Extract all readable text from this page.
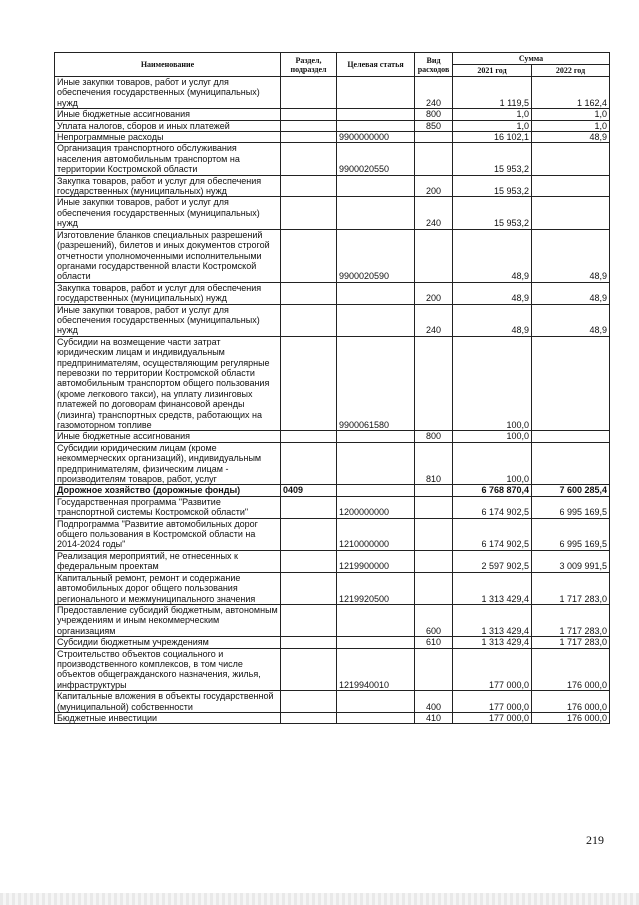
Наименование	Раздел, подраздел	Целевая статья	Вид расходов	Сумма	
				2021 год	2022 год
Иные закупки товаров, работ и услуг для обеспечения государственных (муниципальных) нужд			240	1 119,5	1 162,4
Иные бюджетные ассигнования			800	1,0	1,0
Уплата налогов, сборов и иных платежей			850	1,0	1,0
Непрограммные расходы		9900000000		16 102,1	48,9
Организация транспортного обслуживания населения автомобильным транспортом на территории Костромской области		9900020550		15 953,2	
Закупка товаров, работ и услуг для обеспечения государственных (муниципальных) нужд			200	15 953,2	
Иные закупки товаров, работ и услуг для обеспечения государственных (муниципальных) нужд			240	15 953,2	
Изготовление бланков специальных разрешений (разрешений), билетов и иных документов строгой отчетности уполномоченными исполнительными органами государственной власти Костромской области		9900020590		48,9	48,9
Закупка товаров, работ и услуг для обеспечения государственных (муниципальных) нужд			200	48,9	48,9
Иные закупки товаров, работ и услуг для обеспечения государственных (муниципальных) нужд			240	48,9	48,9
Субсидии на возмещение части затрат юридическим лицам и индивидуальным предпринимателям, осуществляющим регулярные перевозки по территории Костромской области автомобильным транспортом общего пользования (кроме легкового такси), на уплату лизинговых платежей по договорам финансовой аренды (лизинга) транспортных средств, работающих на газомоторном топливе		9900061580		100,0	
Иные бюджетные ассигнования			800	100,0	
Субсидии юридическим лицам (кроме некоммерческих организаций), индивидуальным предпринимателям, физическим лицам - производителям товаров, работ, услуг			810	100,0	
Дорожное хозяйство (дорожные фонды)	0409			6 768 870,4	7 600 285,4
Государственная программа "Развитие транспортной системы Костромской области"		1200000000		6 174 902,5	6 995 169,5
Подпрограмма "Развитие автомобильных дорог общего пользования в Костромской области на 2014-2024 годы"		1210000000		6 174 902,5	6 995 169,5
Реализация мероприятий, не отнесенных к федеральным проектам		1219900000		2 597 902,5	3 009 991,5
Капитальный ремонт, ремонт и содержание автомобильных дорог общего пользования регионального и межмуниципального значения		1219920500		1 313 429,4	1 717 283,0
Предоставление субсидий бюджетным, автономным учреждениям и иным некоммерческим организациям			600	1 313 429,4	1 717 283,0
Субсидии бюджетным учреждениям			610	1 313 429,4	1 717 283,0
Строительство объектов социального и производственного комплексов, в том числе объектов общегражданского назначения, жилья, инфраструктуры		1219940010		177 000,0	176 000,0
Капитальные вложения в объекты государственной (муниципальной) собственности			400	177 000,0	176 000,0
Бюджетные инвестиции			410	177 000,0	176 000,0
219
